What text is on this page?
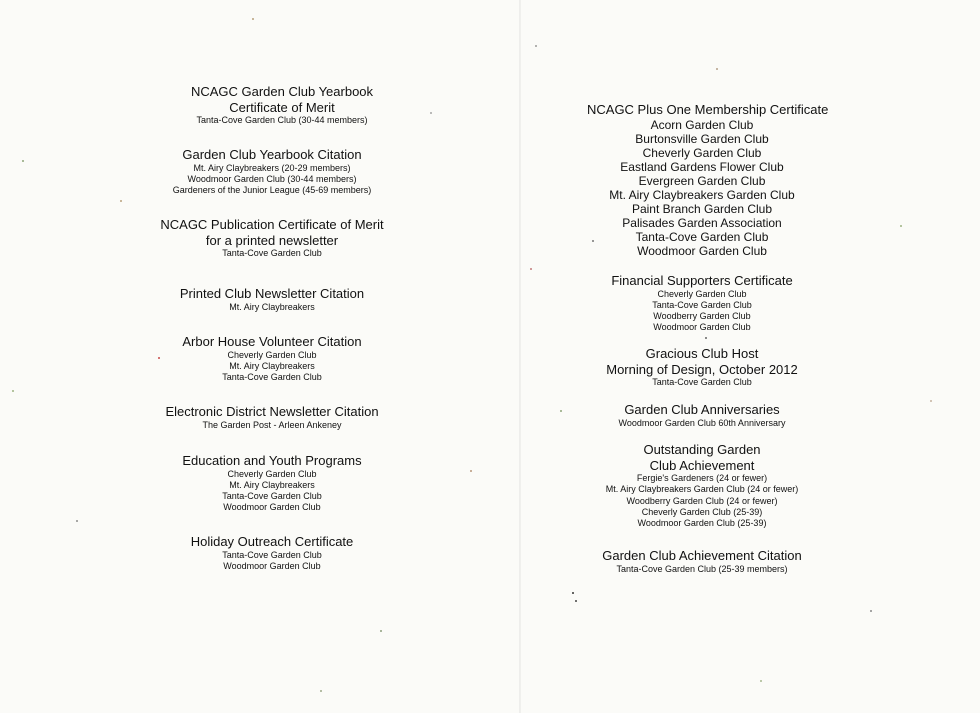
NCAGC Garden Club Yearbook
Certificate of Merit
Tanta-Cove Garden Club (30-44 members)
Garden Club Yearbook Citation
Mt. Airy Claybreakers (20-29 members)
Woodmoor Garden Club (30-44 members)
Gardeners of the Junior League (45-69 members)
NCAGC Publication Certificate of Merit
for a printed newsletter
Tanta-Cove Garden Club
Printed Club Newsletter Citation
Mt. Airy Claybreakers
Arbor House Volunteer Citation
Cheverly Garden Club
Mt. Airy Claybreakers
Tanta-Cove Garden Club
Electronic District Newsletter Citation
The Garden Post - Arleen Ankeney
Education and Youth Programs
Cheverly Garden Club
Mt. Airy Claybreakers
Tanta-Cove Garden Club
Woodmoor Garden Club
Holiday Outreach Certificate
Tanta-Cove Garden Club
Woodmoor Garden Club
NCAGC Plus One Membership Certificate
Acorn Garden Club
Burtonsville Garden Club
Cheverly Garden Club
Eastland Gardens Flower Club
Evergreen Garden Club
Mt. Airy Claybreakers Garden Club
Paint Branch Garden Club
Palisades Garden Association
Tanta-Cove Garden Club
Woodmoor Garden Club
Financial Supporters Certificate
Cheverly Garden Club
Tanta-Cove Garden Club
Woodberry Garden Club
Woodmoor Garden Club
Gracious Club Host
Morning of Design, October 2012
Tanta-Cove Garden Club
Garden Club Anniversaries
Woodmoor Garden Club 60th Anniversary
Outstanding Garden
Club Achievement
Fergie's Gardeners (24 or fewer)
Mt. Airy Claybreakers Garden Club (24 or fewer)
Woodberry Garden Club (24 or fewer)
Cheverly Garden Club (25-39)
Woodmoor Garden Club (25-39)
Garden Club Achievement Citation
Tanta-Cove Garden Club (25-39 members)
